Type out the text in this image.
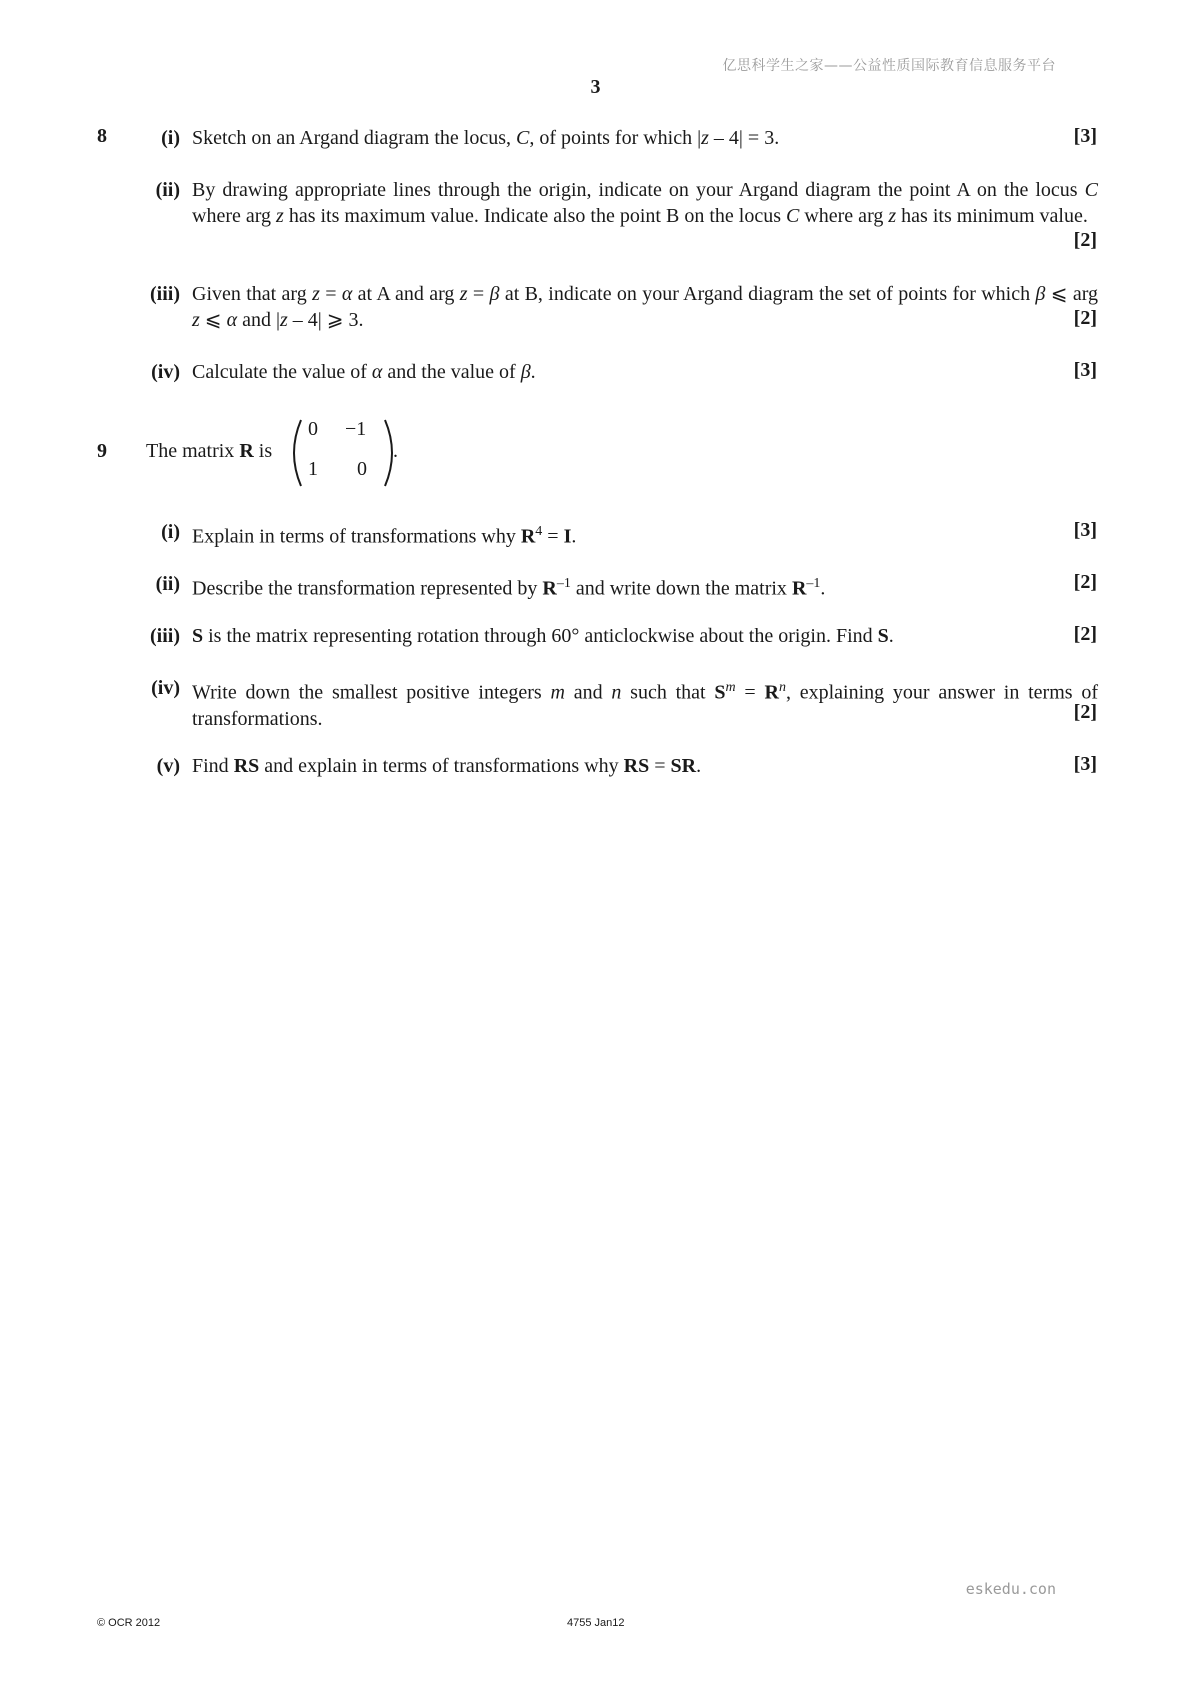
亿思科学生之家——公益性质国际教育信息服务平台
3
8	(i) Sketch on an Argand diagram the locus, C, of points for which |z – 4| = 3.	[3]
(ii) By drawing appropriate lines through the origin, indicate on your Argand diagram the point A on the locus C where arg z has its maximum value. Indicate also the point B on the locus C where arg z has its minimum value.
[2]
(iii) Given that arg z = α at A and arg z = β at B, indicate on your Argand diagram the set of points for which β ⩽ arg z ⩽ α and |z – 4| ⩾ 3.	[2]
(iv) Calculate the value of α and the value of β.	[3]
9 The matrix R is
0 −1
1 0
.
(i) Explain in terms of transformations why $R^4 = I$.	[3]
(ii) Describe the transformation represented by $R^{-1}$ and write down the matrix $R^{-1}$.	[2]
(iii) S is the matrix representing rotation through 60° anticlockwise about the origin. Find S.	[2]
(iv) Write down the smallest positive integers m and n such that $S^m = R^n$, explaining your answer in terms of transformations.	[2]
(v) Find RS and explain in terms of transformations why RS = SR.	[3]
eskedu.con
© OCR 2012	4755 Jan12
